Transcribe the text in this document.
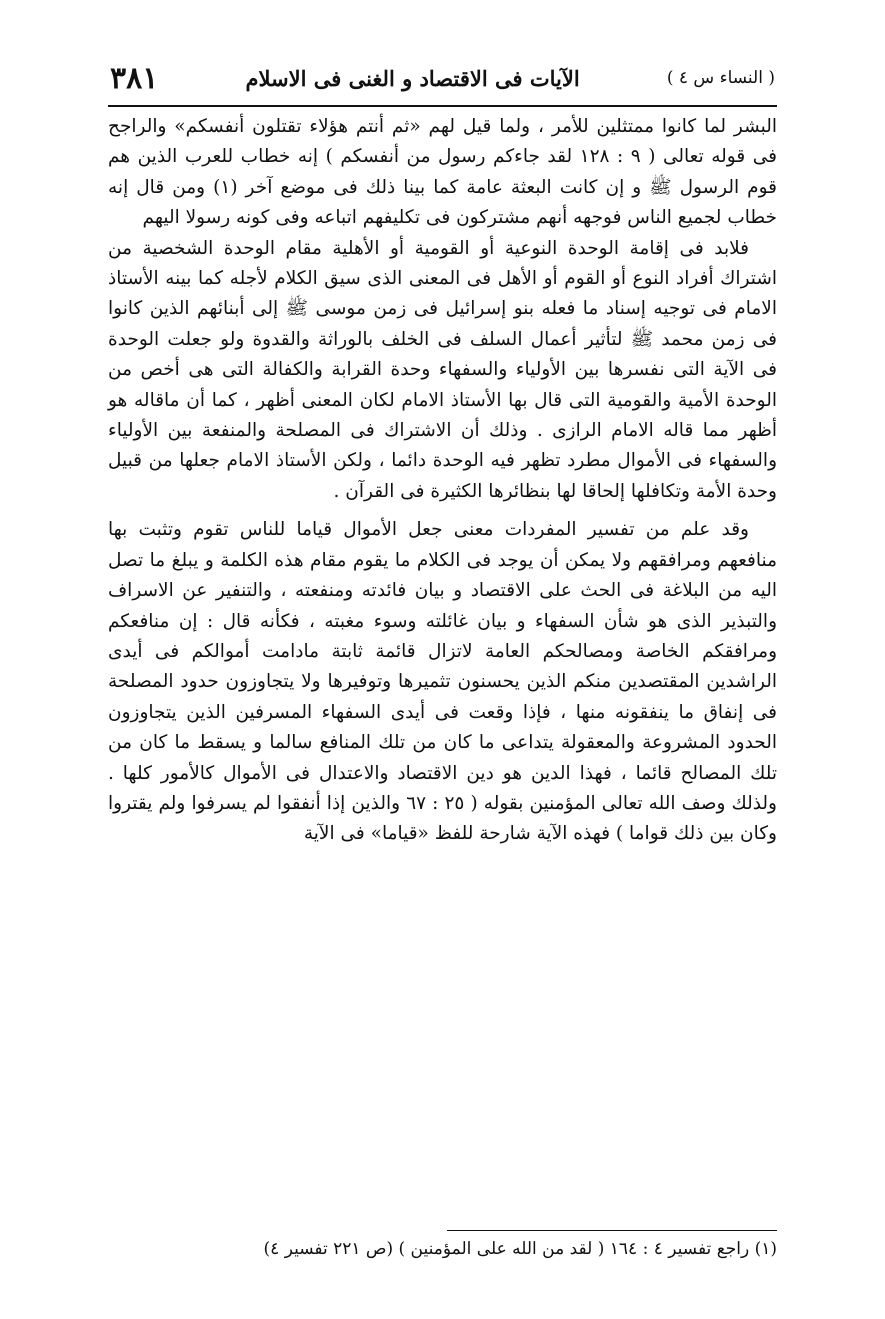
( النساء س ٤ )
الآيات فى الاقتصاد و الغنى فى الاسلام
٣٨١

البشر لما كانوا ممتثلين للأمر ، ولما قيل لهم «ثم أنتم هؤلاء تقتلون أنفسكم» والراجح فى قوله تعالى ( ٩ : ١٢٨ لقد جاءكم رسول من أنفسكم ) إنه خطاب للعرب الذين هم قوم الرسول ﷺ و إن كانت البعثة عامة كما بينا ذلك فى موضع آخر (١) ومن قال إنه خطاب لجميع الناس فوجهه أنهم مشتركون فى تكليفهم اتباعه وفى كونه رسولا اليهم

فلابد فى إقامة الوحدة النوعية أو القومية أو الأهلية مقام الوحدة الشخصية من اشتراك أفراد النوع أو القوم أو الأهل فى المعنى الذى سيق الكلام لأجله كما بينه الأستاذ الامام فى توجيه إسناد ما فعله بنو إسرائيل فى زمن موسى ﷺ إلى أبنائهم الذين كانوا فى زمن محمد ﷺ لتأثير أعمال السلف فى الخلف بالوراثة والقدوة ولو جعلت الوحدة فى الآية التى نفسرها بين الأولياء والسفهاء وحدة القرابة والكفالة التى هى أخص من الوحدة الأمية والقومية التى قال بها الأستاذ الامام لكان المعنى أظهر ، كما أن ماقاله هو أظهر مما قاله الامام الرازى . وذلك أن الاشتراك فى المصلحة والمنفعة بين الأولياء والسفهاء فى الأموال مطرد تظهر فيه الوحدة دائما ، ولكن الأستاذ الامام جعلها من قبيل وحدة الأمة وتكافلها إلحاقا لها بنظائرها الكثيرة فى القرآن .

وقد علم من تفسير المفردات معنى جعل الأموال قياما للناس تقوم وتثبت بها منافعهم ومرافقهم ولا يمكن أن يوجد فى الكلام ما يقوم مقام هذه الكلمة و يبلغ ما تصل اليه من البلاغة فى الحث على الاقتصاد و بيان فائدته ومنفعته ، والتنفير عن الاسراف والتبذير الذى هو شأن السفهاء و بيان غائلته وسوء مغبته ، فكأنه قال : إن منافعكم ومرافقكم الخاصة ومصالحكم العامة لاتزال قائمة ثابتة مادامت أموالكم فى أيدى الراشدين المقتصدين منكم الذين يحسنون تثميرها وتوفيرها ولا يتجاوزون حدود المصلحة فى إنفاق ما ينفقونه منها ، فإذا وقعت فى أيدى السفهاء المسرفين الذين يتجاوزون الحدود المشروعة والمعقولة يتداعى ما كان من تلك المنافع سالما و يسقط ما كان من تلك المصالح قائما ، فهذا الدين هو دين الاقتصاد والاعتدال فى الأموال كالأمور كلها . ولذلك وصف الله تعالى المؤمنين بقوله ( ٢٥ : ٦٧ والذين إذا أنفقوا لم يسرفوا ولم يقتروا وكان بين ذلك قواما ) فهذه الآية شارحة للفظ «قياما» فى الآية

(١) راجع تفسير ٤ : ١٦٤ ( لقد من الله على المؤمنين ) (ص ٢٢١ تفسير ٤)
